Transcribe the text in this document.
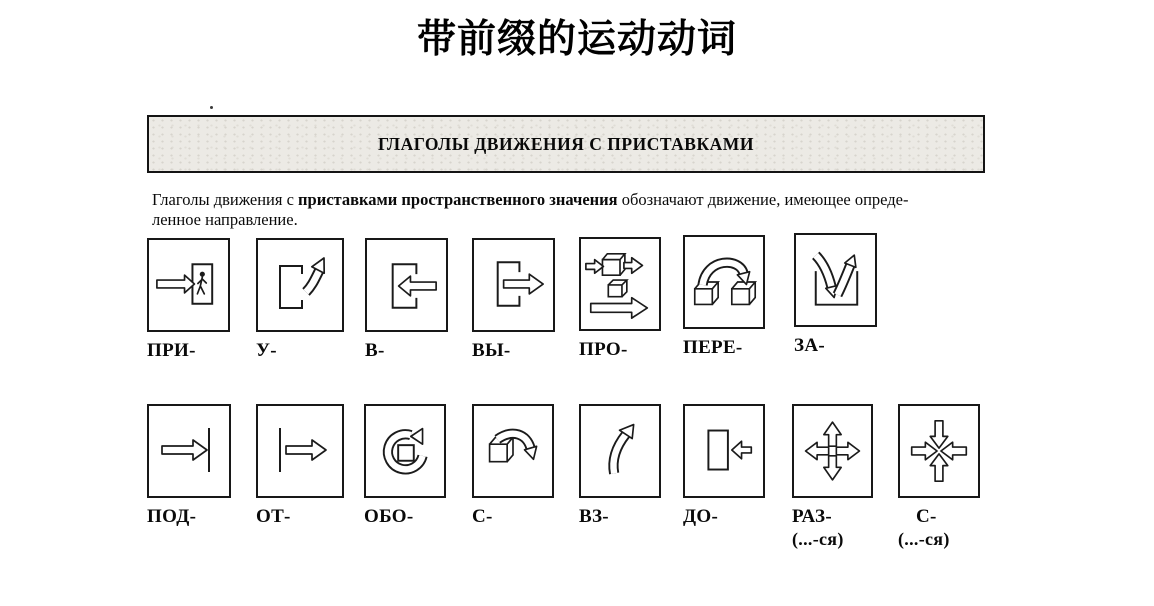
带前缀的运动动词
ГЛАГОЛЫ ДВИЖЕНИЯ С ПРИСТАВКАМИ
Глаголы движения с приставками пространственного значения обозначают движение, имеющее опреде-
ленное направление.
ПРИ-	У-	В-	ВЫ-	ПРО-	ПЕРЕ-	ЗА-
ПОД-	ОТ-	ОБО-	С-	ВЗ-	ДО-	РАЗ-
(...-ся)
С-
(...-ся)
